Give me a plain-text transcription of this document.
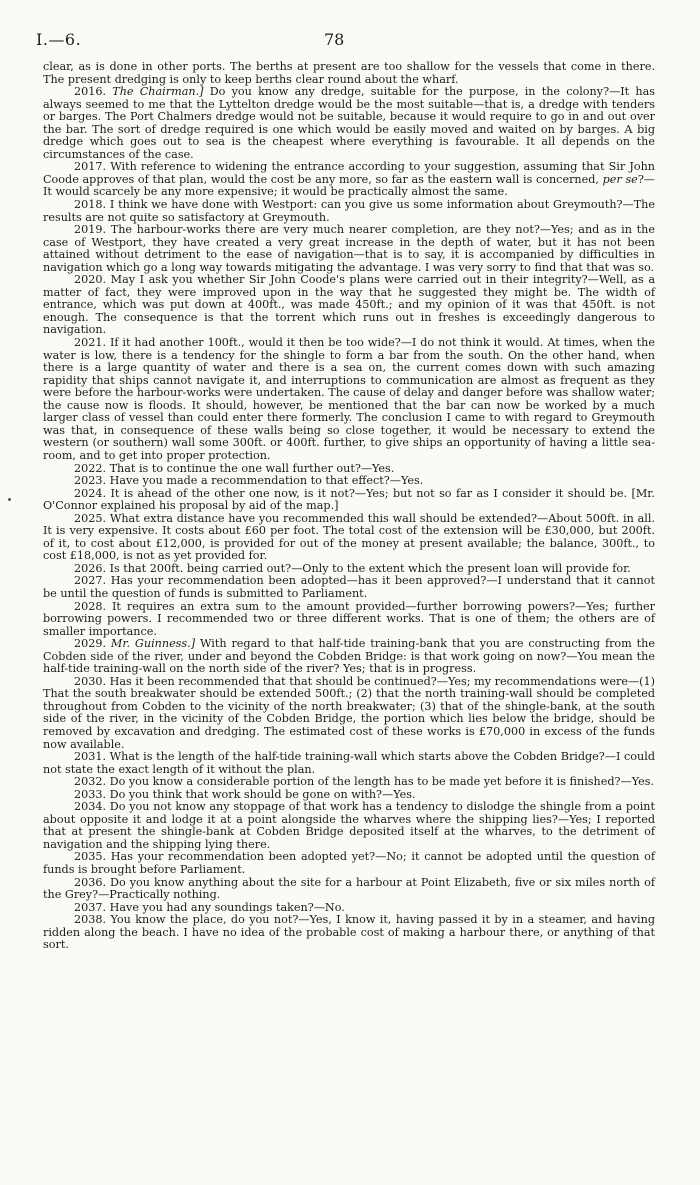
I.—6.	78

clear, as is done in other ports. The berths at present are too shallow for the vessels that come in there. The present dredging is only to keep berths clear round about the wharf.

2016. The Chairman.] Do you know any dredge, suitable for the purpose, in the colony?—It has always seemed to me that the Lyttelton dredge would be the most suitable—that is, a dredge with tenders or barges. The Port Chalmers dredge would not be suitable, because it would require to go in and out over the bar. The sort of dredge required is one which would be easily moved and waited on by barges. A big dredge which goes out to sea is the cheapest where everything is favourable. It all depends on the circumstances of the case.

2017. With reference to widening the entrance according to your suggestion, assuming that Sir John Coode approves of that plan, would the cost be any more, so far as the eastern wall is concerned, per se?—It would scarcely be any more expensive; it would be practically almost the same.

2018. I think we have done with Westport: can you give us some information about Greymouth?—The results are not quite so satisfactory at Greymouth.

2019. The harbour-works there are very much nearer completion, are they not?—Yes; and as in the case of Westport, they have created a very great increase in the depth of water, but it has not been attained without detriment to the ease of navigation—that is to say, it is accompanied by difficulties in navigation which go a long way towards mitigating the advantage. I was very sorry to find that that was so.

2020. May I ask you whether Sir John Coode's plans were carried out in their integrity?—Well, as a matter of fact, they were improved upon in the way that he suggested they might be. The width of entrance, which was put down at 400ft., was made 450ft.; and my opinion of it was that 450ft. is not enough. The consequence is that the torrent which runs out in freshes is exceedingly dangerous to navigation.

2021. If it had another 100ft., would it then be too wide?—I do not think it would. At times, when the water is low, there is a tendency for the shingle to form a bar from the south. On the other hand, when there is a large quantity of water and there is a sea on, the current comes down with such amazing rapidity that ships cannot navigate it, and interruptions to communication are almost as frequent as they were before the harbour-works were undertaken. The cause of delay and danger before was shallow water; the cause now is floods. It should, however, be mentioned that the bar can now be worked by a much larger class of vessel than could enter there formerly. The conclusion I came to with regard to Greymouth was that, in consequence of these walls being so close together, it would be necessary to extend the western (or southern) wall some 300ft. or 400ft. further, to give ships an opportunity of having a little sea-room, and to get into proper protection.

2022. That is to continue the one wall further out?—Yes.

2023. Have you made a recommendation to that effect?—Yes.

2024. It is ahead of the other one now, is it not?—Yes; but not so far as I consider it should be. [Mr. O'Connor explained his proposal by aid of the map.]

2025. What extra distance have you recommended this wall should be extended?—About 500ft. in all. It is very expensive. It costs about £60 per foot. The total cost of the extension will be £30,000, but 200ft. of it, to cost about £12,000, is provided for out of the money at present available; the balance, 300ft., to cost £18,000, is not as yet provided for.

2026. Is that 200ft. being carried out?—Only to the extent which the present loan will provide for.

2027. Has your recommendation been adopted—has it been approved?—I understand that it cannot be until the question of funds is submitted to Parliament.

2028. It requires an extra sum to the amount provided—further borrowing powers?—Yes; further borrowing powers. I recommended two or three different works. That is one of them; the others are of smaller importance.

2029. Mr. Guinness.] With regard to that half-tide training-bank that you are constructing from the Cobden side of the river, under and beyond the Cobden Bridge: is that work going on now?—You mean the half-tide training-wall on the north side of the river? Yes; that is in progress.

2030. Has it been recommended that that should be continued?—Yes; my recommendations were—(1) That the south breakwater should be extended 500ft.; (2) that the north training-wall should be completed throughout from Cobden to the vicinity of the north breakwater; (3) that of the shingle-bank, at the south side of the river, in the vicinity of the Cobden Bridge, the portion which lies below the bridge, should be removed by excavation and dredging. The estimated cost of these works is £70,000 in excess of the funds now available.

2031. What is the length of the half-tide training-wall which starts above the Cobden Bridge?—I could not state the exact length of it without the plan.

2032. Do you know a considerable portion of the length has to be made yet before it is finished?—Yes.

2033. Do you think that work should be gone on with?—Yes.

2034. Do you not know any stoppage of that work has a tendency to dislodge the shingle from a point about opposite it and lodge it at a point alongside the wharves where the shipping lies?—Yes; I reported that at present the shingle-bank at Cobden Bridge deposited itself at the wharves, to the detriment of navigation and the shipping lying there.

2035. Has your recommendation been adopted yet?—No; it cannot be adopted until the question of funds is brought before Parliament.

2036. Do you know anything about the site for a harbour at Point Elizabeth, five or six miles north of the Grey?—Practically nothing.

2037. Have you had any soundings taken?—No.

2038. You know the place, do you not?—Yes, I know it, having passed it by in a steamer, and having ridden along the beach. I have no idea of the probable cost of making a harbour there, or anything of that sort.
